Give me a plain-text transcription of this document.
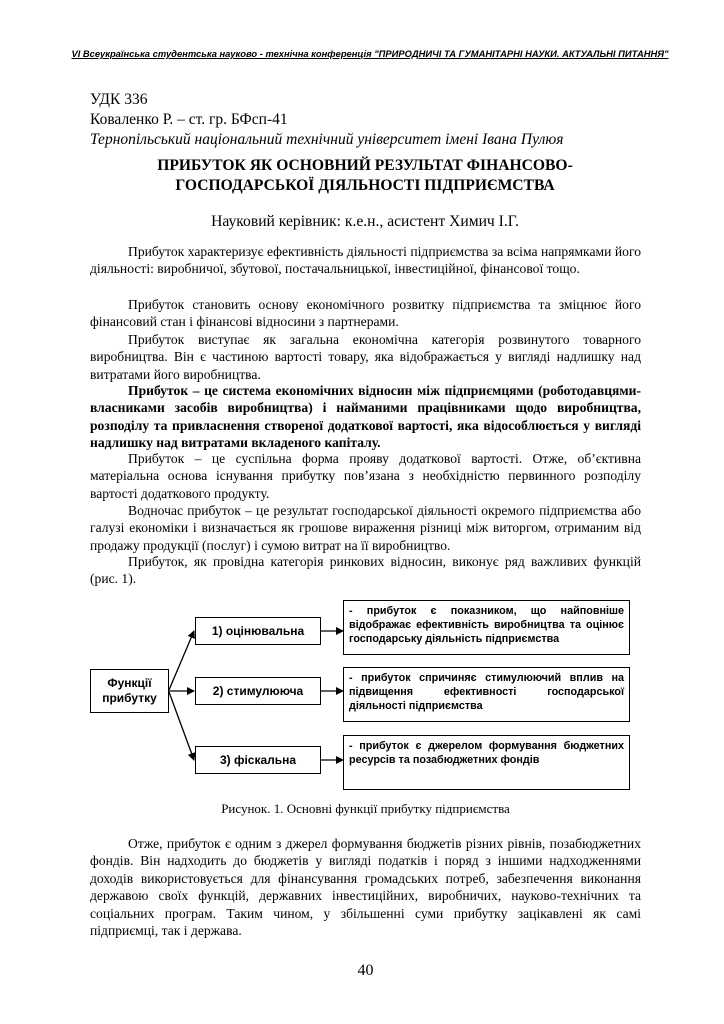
VІ Всеукраїнська студентська науково - технічна конференція "ПРИРОДНИЧІ ТА ГУМАНІТАРНІ НАУКИ. АКТУАЛЬНІ ПИТАННЯ"
УДК 336
Коваленко Р. – ст. гр. БФсп-41
Тернопільський національний технічний університет імені Івана Пулюя
ПРИБУТОК ЯК ОСНОВНИЙ РЕЗУЛЬТАТ ФІНАНСОВО-ГОСПОДАРСЬКОЇ ДІЯЛЬНОСТІ ПІДПРИЄМСТВА
Науковий керівник: к.е.н., асистент Химич І.Г.

Прибуток характеризує ефективність діяльності підприємства за всіма напрямками його діяльності: виробничої, збутової, постачальницької, інвестиційної, фінансової тощо.

Прибуток становить основу економічного розвитку підприємства та зміцнює його фінансовий стан і фінансові відносини з партнерами.

Прибуток виступає як загальна економічна категорія розвинутого товарного виробництва. Він є частиною вартості товару, яка відображається у вигляді надлишку над витратами його виробництва.

Прибуток – це система економічних відносин між підприємцями (роботодавцями-власниками засобів виробництва) і найманими працівниками щодо виробництва, розподілу та привласнення створеної додаткової вартості, яка відособлюється у вигляді надлишку над витратами вкладеного капіталу.

Прибуток – це суспільна форма прояву додаткової вартості. Отже, об’єктивна матеріальна основа існування прибутку пов’язана з необхідністю первинного розподілу вартості додаткового продукту.

Водночас прибуток – це результат господарської діяльності окремого підприємства або галузі економіки і визначається як грошове вираження різниці між виторгом, отриманим від продажу продукції (послуг) і сумою витрат на її виробництво.

Прибуток, як провідна категорія ринкових відносин, виконує ряд важливих функцій (рис. 1).

Функції прибутку
1) оцінювальна
2) стимулююча
3) фіскальна
- прибуток є показником, що найповніше відображає ефективність виробництва та оцінює господарську діяльність підприємства
- прибуток спричиняє стимулюючий вплив на підвищення ефективності господарської діяльності підприємства
- прибуток є джерелом формування бюджетних ресурсів та позабюджетних фондів
Рисунок. 1. Основні функції прибутку підприємства

Отже, прибуток є одним з джерел формування бюджетів різних рівнів, позабюджетних фондів. Він надходить до бюджетів у вигляді податків і поряд з іншими надходженнями доходів використовується для фінансування громадських потреб, забезпечення виконання державою своїх функцій, державних інвестиційних, виробничих, науково-технічних та соціальних програм. Таким чином, у збільшенні суми прибутку зацікавлені як самі підприємці, так і держава.

40
